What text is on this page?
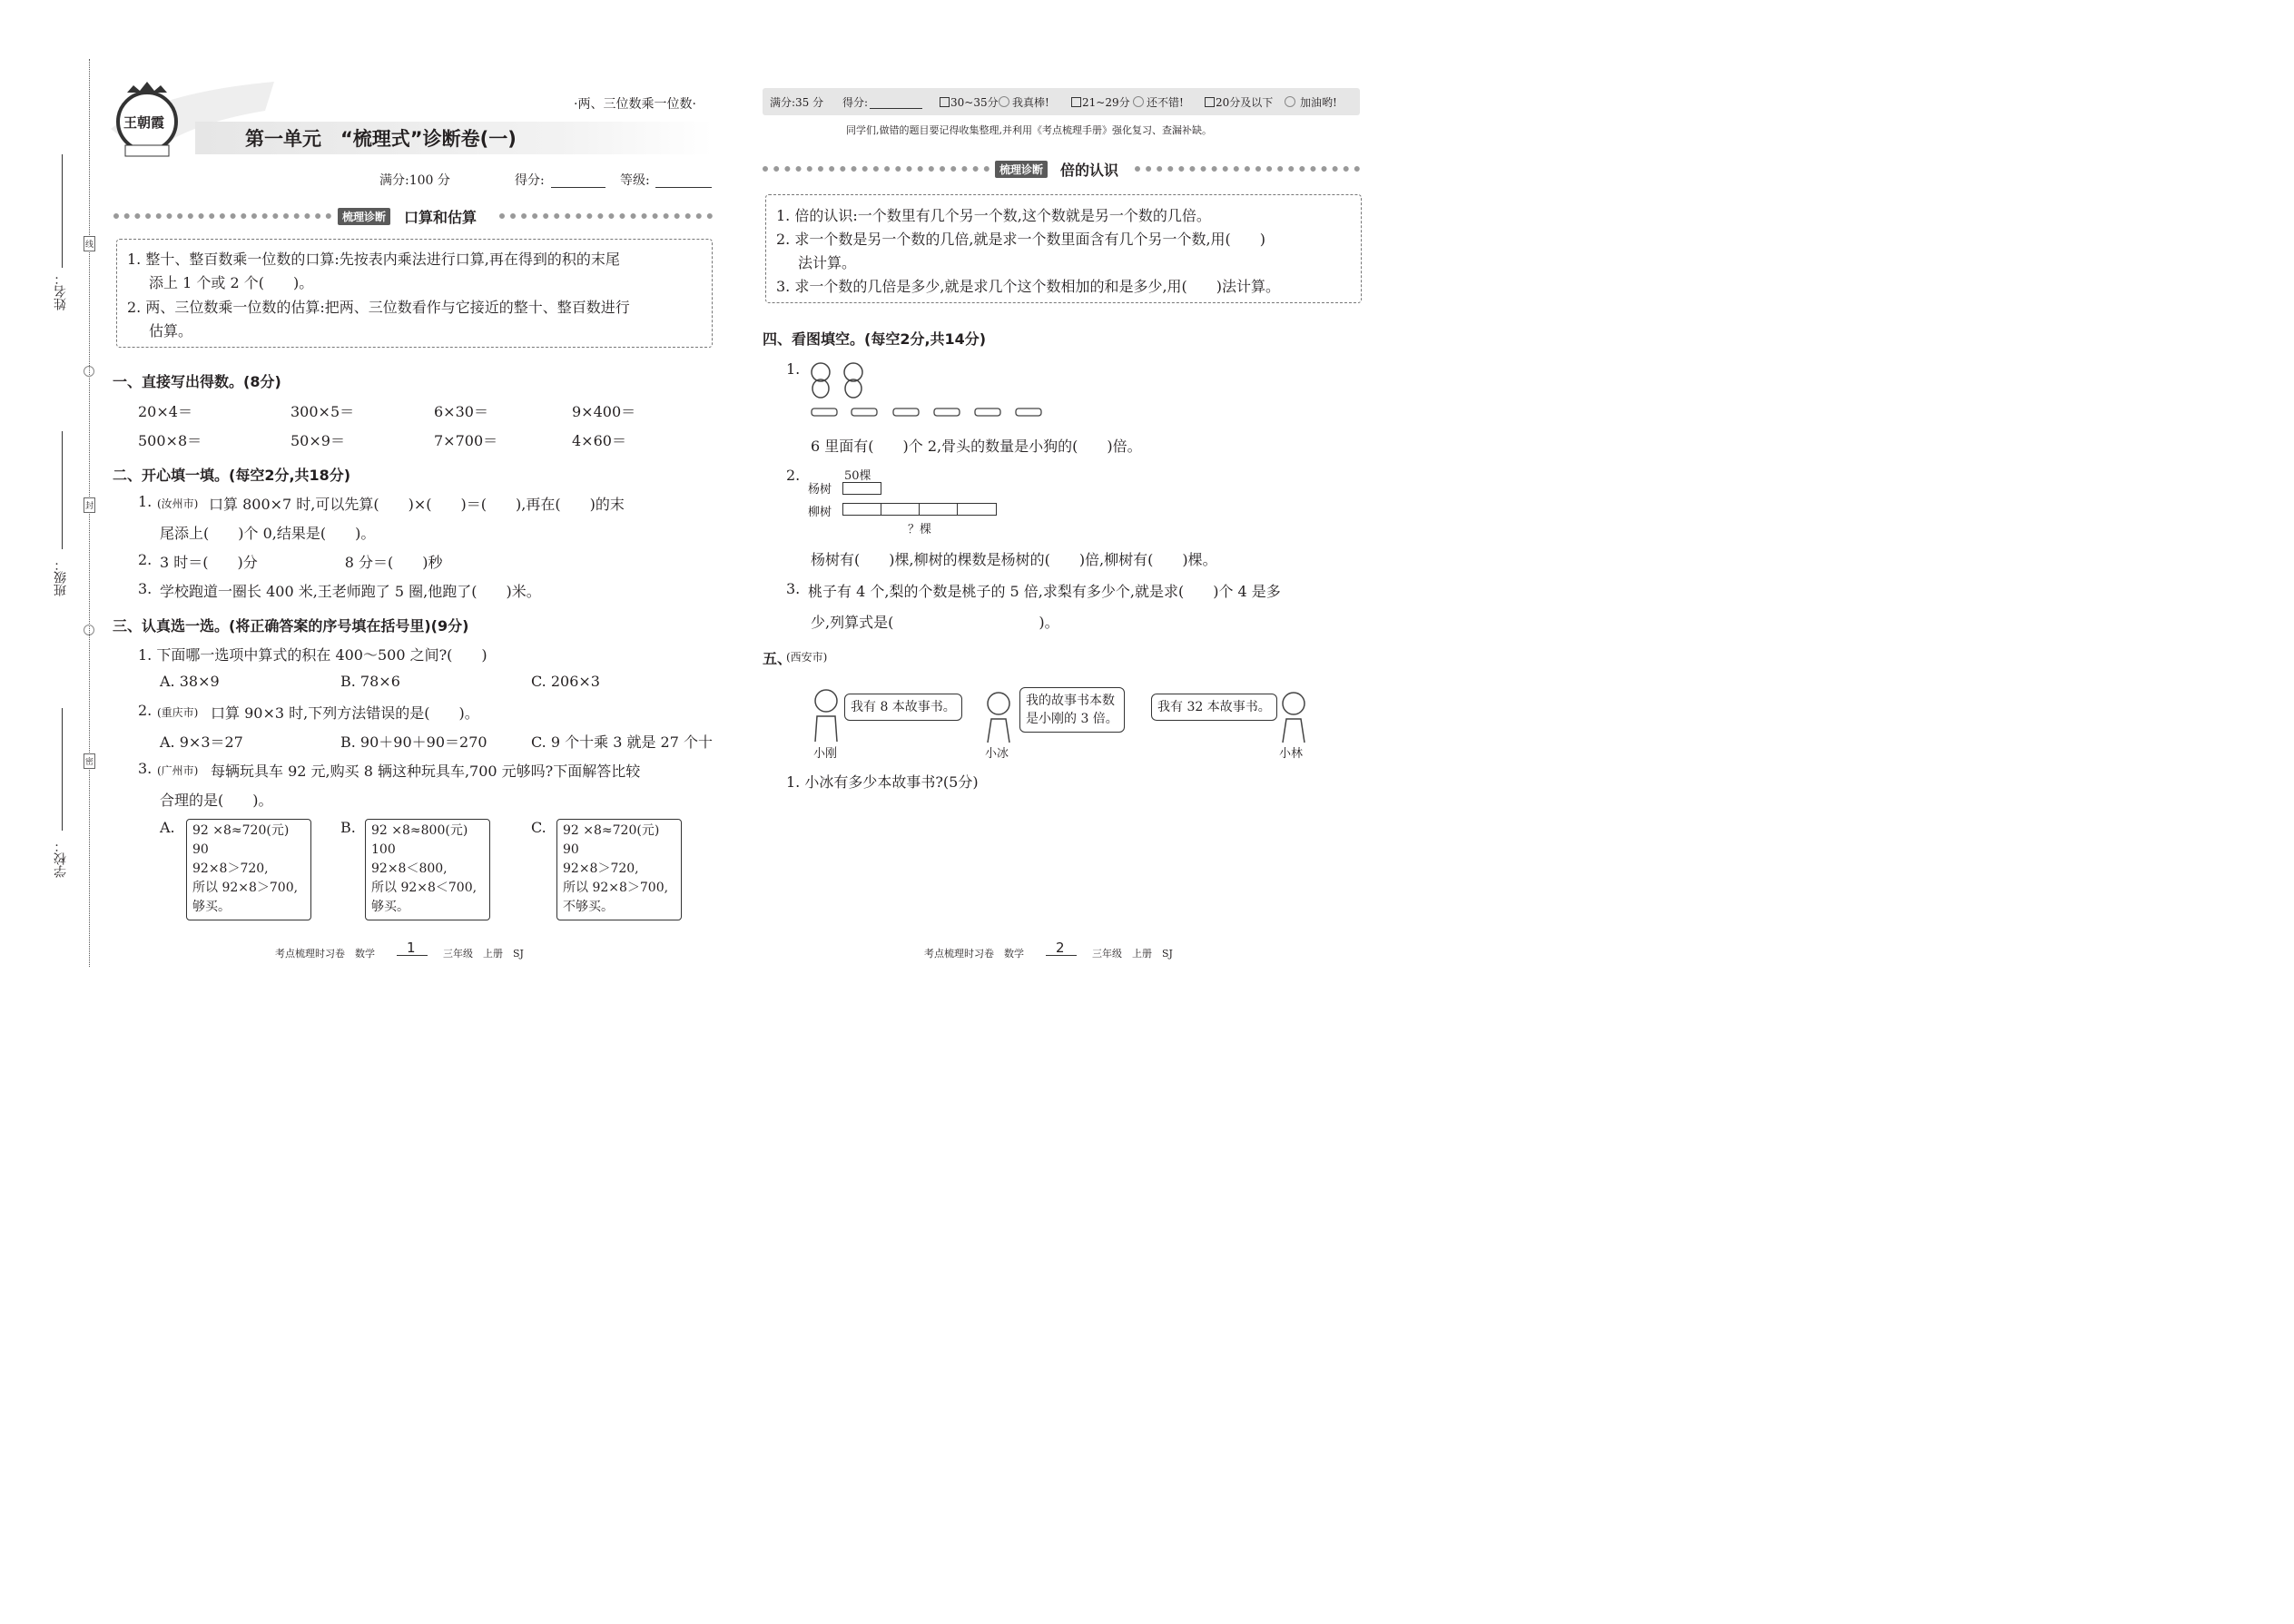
姓名：
班级：
学校：
线
封
密
王朝霞
·两、三位数乘一位数·
第一单元　“梳理式”诊断卷(一)
满分:100 分	得分:	等级:
梳理诊断	口算和估算
1. 整十、整百数乘一位数的口算:先按表内乘法进行口算,再在得到的积的末尾
添上 1 个或 2 个(　　)。
2. 两、三位数乘一位数的估算:把两、三位数看作与它接近的整十、整百数进行
估算。
一、直接写出得数。(8分)
20×4＝	300×5＝	6×30＝	9×400＝
500×8＝	50×9＝	7×700＝	4×60＝
二、开心填一填。(每空2分,共18分)
1. (汝州市) 口算 800×7 时,可以先算(　　)×(　　)＝(　　),再在(　　)的末
尾添上(　　)个 0,结果是(　　)。
2. 3 时＝(　　)分　　　　　　8 分＝(　　)秒
3. 学校跑道一圈长 400 米,王老师跑了 5 圈,他跑了(　　)米。
三、认真选一选。(将正确答案的序号填在括号里)(9分)
1. 下面哪一选项中算式的积在 400～500 之间?(　　)
A. 38×9	B. 78×6	C. 206×3
2. (重庆市) 口算 90×3 时,下列方法错误的是(　　)。
A. 9×3＝27	B. 90＋90＋90＝270	C. 9 个十乘 3 就是 27 个十
3. (广州市) 每辆玩具车 92 元,购买 8 辆这种玩具车,700 元够吗?下面解答比较
合理的是(　　)。
A. 92 ×8≈720(元)
90
92×8＞720,
所以 92×8＞700,
够买。
B. 92 ×8≈800(元)
100
92×8＜800,
所以 92×8＜700,
够买。
C. 92 ×8≈720(元)
90
92×8＞720,
所以 92×8＞700,
不够买。
考点梳理时习卷　数学 1	三年级　上册　SJ
满分:35 分 得分:	30~35分 我真棒!	21~29分 还不错!	20分及以下 加油哟!
同学们,做错的题目要记得收集整理,并利用《考点梳理手册》强化复习、查漏补缺。
梳理诊断	倍的认识
1. 倍的认识:一个数里有几个另一个数,这个数就是另一个数的几倍。
2. 求一个数是另一个数的几倍,就是求一个数里面含有几个另一个数,用(　　)
法计算。
3. 求一个数的几倍是多少,就是求几个这个数相加的和是多少,用(　　)法计算。
四、看图填空。(每空2分,共14分)
1.
6 里面有(　　)个 2,骨头的数量是小狗的(　　)倍。
2.	50棵
杨树
柳树
？棵
杨树有(　　)棵,柳树的棵数是杨树的(　　)倍,柳树有(　　)棵。
3. 桃子有 4 个,梨的个数是桃子的 5 倍,求梨有多少个,就是求(　　)个 4 是多
少,列算式是(　　　　　　　　　　)。
五、
(西安市)
小刚
我有 8 本故事书。
小冰
我的故事书本数
是小刚的 3 倍。
我有 32 本故事书。
小林
1. 小冰有多少本故事书?(5分)
考点梳理时习卷　数学 2	三年级　上册　SJ
